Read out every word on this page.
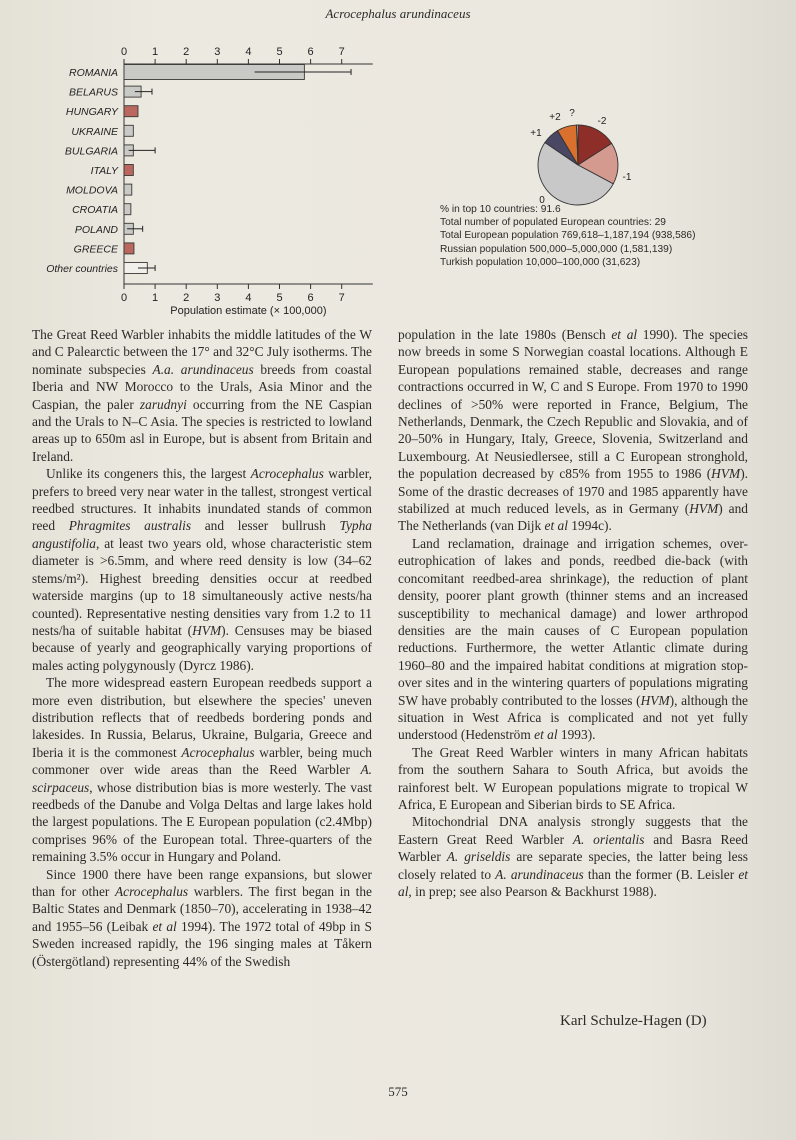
Acrocephalus arundinaceus
0
0
1
1
2
2
3
3
4
4
5
5
6
6
7
7
Population estimate (× 100,000)
ROMANIA
BELARUS
HUNGARY
UKRAINE
BULGARIA
ITALY
MOLDOVA
CROATIA
POLAND
GREECE
Other countries
-2
-1
0
+1
+2 ?
% in top 10 countries: 91.6
Total number of populated European countries: 29
Total European population 769,618–1,187,194 (938,586)
Russian population 500,000–5,000,000 (1,581,139)
Turkish population 10,000–100,000 (31,623)

The Great Reed Warbler inhabits the middle latitudes of the W and C Palearctic between the 17° and 32°C July isotherms. The nominate subspecies A.a. arundinaceus breeds from coastal Iberia and NW Morocco to the Urals, Asia Minor and the Caspian, the paler zarudnyi occurring from the NE Caspian and the Urals to N–C Asia. The species is restricted to lowland areas up to 650m asl in Europe, but is absent from Britain and Ireland.

Unlike its congeners this, the largest Acrocephalus warbler, prefers to breed very near water in the tallest, strongest vertical reedbed structures. It inhabits inundated stands of common reed Phragmites australis and lesser bullrush Typha angustifolia, at least two years old, whose characteristic stem diameter is >6.5mm, and where reed density is low (34–62 stems/m²). Highest breeding densities occur at reedbed waterside margins (up to 18 simultaneously active nests/ha counted). Representative nesting densities vary from 1.2 to 11 nests/ha of suitable habitat (HVM). Censuses may be biased because of yearly and geographically varying proportions of males acting polygynously (Dyrcz 1986).

The more widespread eastern European reedbeds support a more even distribution, but elsewhere the species' uneven distribution reflects that of reedbeds bordering ponds and lakesides. In Russia, Belarus, Ukraine, Bulgaria, Greece and Iberia it is the commonest Acrocephalus warbler, being much commoner over wide areas than the Reed Warbler A. scirpaceus, whose distribution bias is more westerly. The vast reedbeds of the Danube and Volga Deltas and large lakes hold the largest populations. The E European population (c2.4Mbp) comprises 96% of the European total. Three-quarters of the remaining 3.5% occur in Hungary and Poland.

Since 1900 there have been range expansions, but slower than for other Acrocephalus warblers. The first began in the Baltic States and Denmark (1850–70), accelerating in 1938–42 and 1955–56 (Leibak et al 1994). The 1972 total of 49bp in S Sweden increased rapidly, the 196 singing males at Tåkern (Östergötland) representing 44% of the Swedish

population in the late 1980s (Bensch et al 1990). The species now breeds in some S Norwegian coastal locations. Although E European populations remained stable, decreases and range contractions occurred in W, C and S Europe. From 1970 to 1990 declines of >50% were reported in France, Belgium, The Netherlands, Denmark, the Czech Republic and Slovakia, and of 20–50% in Hungary, Italy, Greece, Slovenia, Switzerland and Luxembourg. At Neusiedlersee, still a C European stronghold, the population decreased by c85% from 1955 to 1986 (HVM). Some of the drastic decreases of 1970 and 1985 apparently have stabilized at much reduced levels, as in Germany (HVM) and The Netherlands (van Dijk et al 1994c).

Land reclamation, drainage and irrigation schemes, over-eutrophication of lakes and ponds, reedbed die-back (with concomitant reedbed-area shrinkage), the reduction of plant density, poorer plant growth (thinner stems and an increased susceptibility to mechanical damage) and lower arthropod densities are the main causes of C European population reductions. Furthermore, the wetter Atlantic climate during 1960–80 and the impaired habitat conditions at migration stop-over sites and in the wintering quarters of populations migrating SW have probably contributed to the losses (HVM), although the situation in West Africa is complicated and not yet fully understood (Hedenström et al 1993).

The Great Reed Warbler winters in many African habitats from the southern Sahara to South Africa, but avoids the rainforest belt. W European populations migrate to tropical W Africa, E European and Siberian birds to SE Africa.

Mitochondrial DNA analysis strongly suggests that the Eastern Great Reed Warbler A. orientalis and Basra Reed Warbler A. griseldis are separate species, the latter being less closely related to A. arundinaceus than the former (B. Leisler et al, in prep; see also Pearson & Backhurst 1988).

Karl Schulze-Hagen (D)
575
